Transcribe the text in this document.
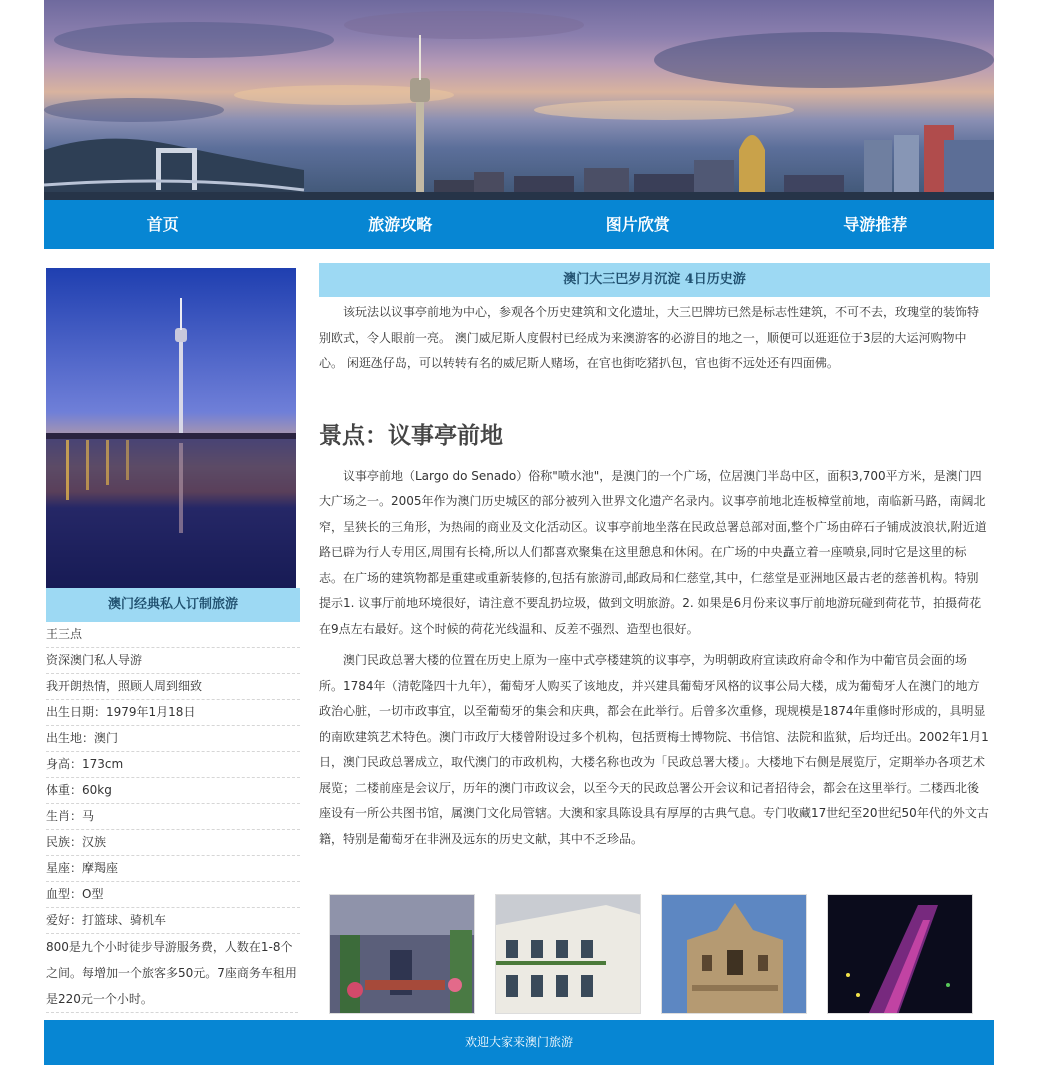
首页	旅游攻略	图片欣赏	导游推荐
澳门经典私人订制旅游
王三点
资深澳门私人导游
我开朗热情，照顾人周到细致
出生日期：1979年1月18日
出生地：澳门
身高：173cm
体重：60kg
生肖：马
民族：汉族
星座：摩羯座
血型：O型
爱好：打篮球、骑机车
800是九个小时徒步导游服务费，人数在1-8个之间。每增加一个旅客多50元。7座商务车租用是220元一个小时。
澳门大三巴岁月沉淀 4日历史游

该玩法以议事亭前地为中心，参观各个历史建筑和文化遗址，大三巴牌坊已然是标志性建筑，不可不去，玫瑰堂的装饰特别欧式，令人眼前一亮。 澳门威尼斯人度假村已经成为来澳游客的必游目的地之一，顺便可以逛逛位于3层的大运河购物中心。 闲逛氹仔岛，可以转转有名的威尼斯人赌场，在官也街吃猪扒包，官也街不远处还有四面佛。

景点：议事亭前地

议事亭前地（Largo do Senado）俗称"喷水池"，是澳门的一个广场，位居澳门半岛中区，面积3,700平方米，是澳门四大广场之一。2005年作为澳门历史城区的部分被列入世界文化遗产名录内。议事亭前地北连板樟堂前地，南临新马路，南阔北窄，呈狭长的三角形，为热闹的商业及文化活动区。议事亭前地坐落在民政总署总部对面,整个广场由碎石子铺成波浪状,附近道路已辟为行人专用区,周围有长椅,所以人们都喜欢聚集在这里憩息和休闲。在广场的中央矗立着一座喷泉,同时它是这里的标志。在广场的建筑物都是重建或重新装修的,包括有旅游司,邮政局和仁慈堂,其中，仁慈堂是亚洲地区最古老的慈善机构。特别提示1. 议事厅前地环境很好，请注意不要乱扔垃圾，做到文明旅游。2. 如果是6月份来议事厅前地游玩碰到荷花节，拍摄荷花在9点左右最好。这个时候的荷花光线温和、反差不强烈、造型也很好。

澳门民政总署大楼的位置在历史上原为一座中式亭楼建筑的议事亭，为明朝政府宣读政府命令和作为中葡官员会面的场所。1784年（清乾隆四十九年），葡萄牙人购买了该地皮，并兴建具葡萄牙风格的议事公局大楼，成为葡萄牙人在澳门的地方政治心脏，一切市政事宜，以至葡萄牙的集会和庆典，都会在此举行。后曾多次重修，现规模是1874年重修时形成的，具明显的南欧建筑艺术特色。澳门市政厅大楼曾附设过多个机构，包括贾梅士博物院、书信馆、法院和监狱，后均迁出。2002年1月1日，澳门民政总署成立，取代澳门的市政机构，大楼名称也改为「民政总署大楼」。大楼地下右侧是展览厅，定期举办各项艺术展览；二楼前座是会议厅，历年的澳门市政议会，以至今天的民政总署公开会议和记者招待会，都会在这里举行。二楼西北後座设有一所公共图书馆，属澳门文化局管辖。大澳和家具陈设具有厚厚的古典气息。专门收藏17世纪至20世纪50年代的外文古籍，特别是葡萄牙在非洲及远东的历史文献，其中不乏珍品。

欢迎大家来澳门旅游
